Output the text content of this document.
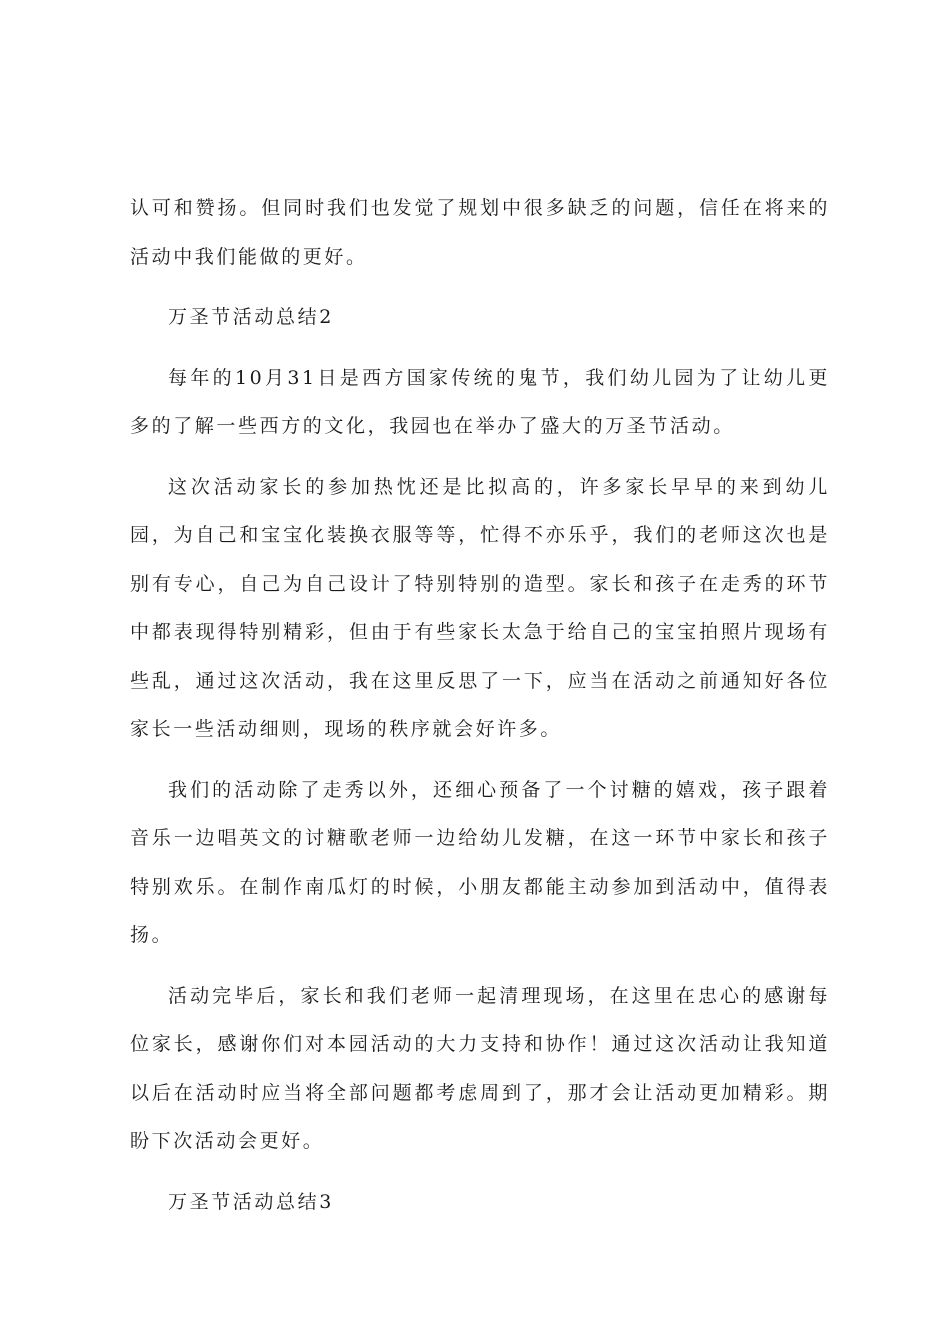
认可和赞扬。但同时我们也发觉了规划中很多缺乏的问题，信任在将来的活动中我们能做的更好。

万圣节活动总结2

每年的10月31日是西方国家传统的鬼节，我们幼儿园为了让幼儿更多的了解一些西方的文化，我园也在举办了盛大的万圣节活动。

这次活动家长的参加热忱还是比拟高的，许多家长早早的来到幼儿园，为自己和宝宝化装换衣服等等，忙得不亦乐乎，我们的老师这次也是别有专心，自己为自己设计了特别特别的造型。家长和孩子在走秀的环节中都表现得特别精彩，但由于有些家长太急于给自己的宝宝拍照片现场有些乱，通过这次活动，我在这里反思了一下，应当在活动之前通知好各位家长一些活动细则，现场的秩序就会好许多。

我们的活动除了走秀以外，还细心预备了一个讨糖的嬉戏，孩子跟着音乐一边唱英文的讨糖歌老师一边给幼儿发糖，在这一环节中家长和孩子特别欢乐。在制作南瓜灯的时候，小朋友都能主动参加到活动中，值得表扬。

活动完毕后，家长和我们老师一起清理现场，在这里在忠心的感谢每位家长，感谢你们对本园活动的大力支持和协作！通过这次活动让我知道以后在活动时应当将全部问题都考虑周到了，那才会让活动更加精彩。期盼下次活动会更好。

万圣节活动总结3
